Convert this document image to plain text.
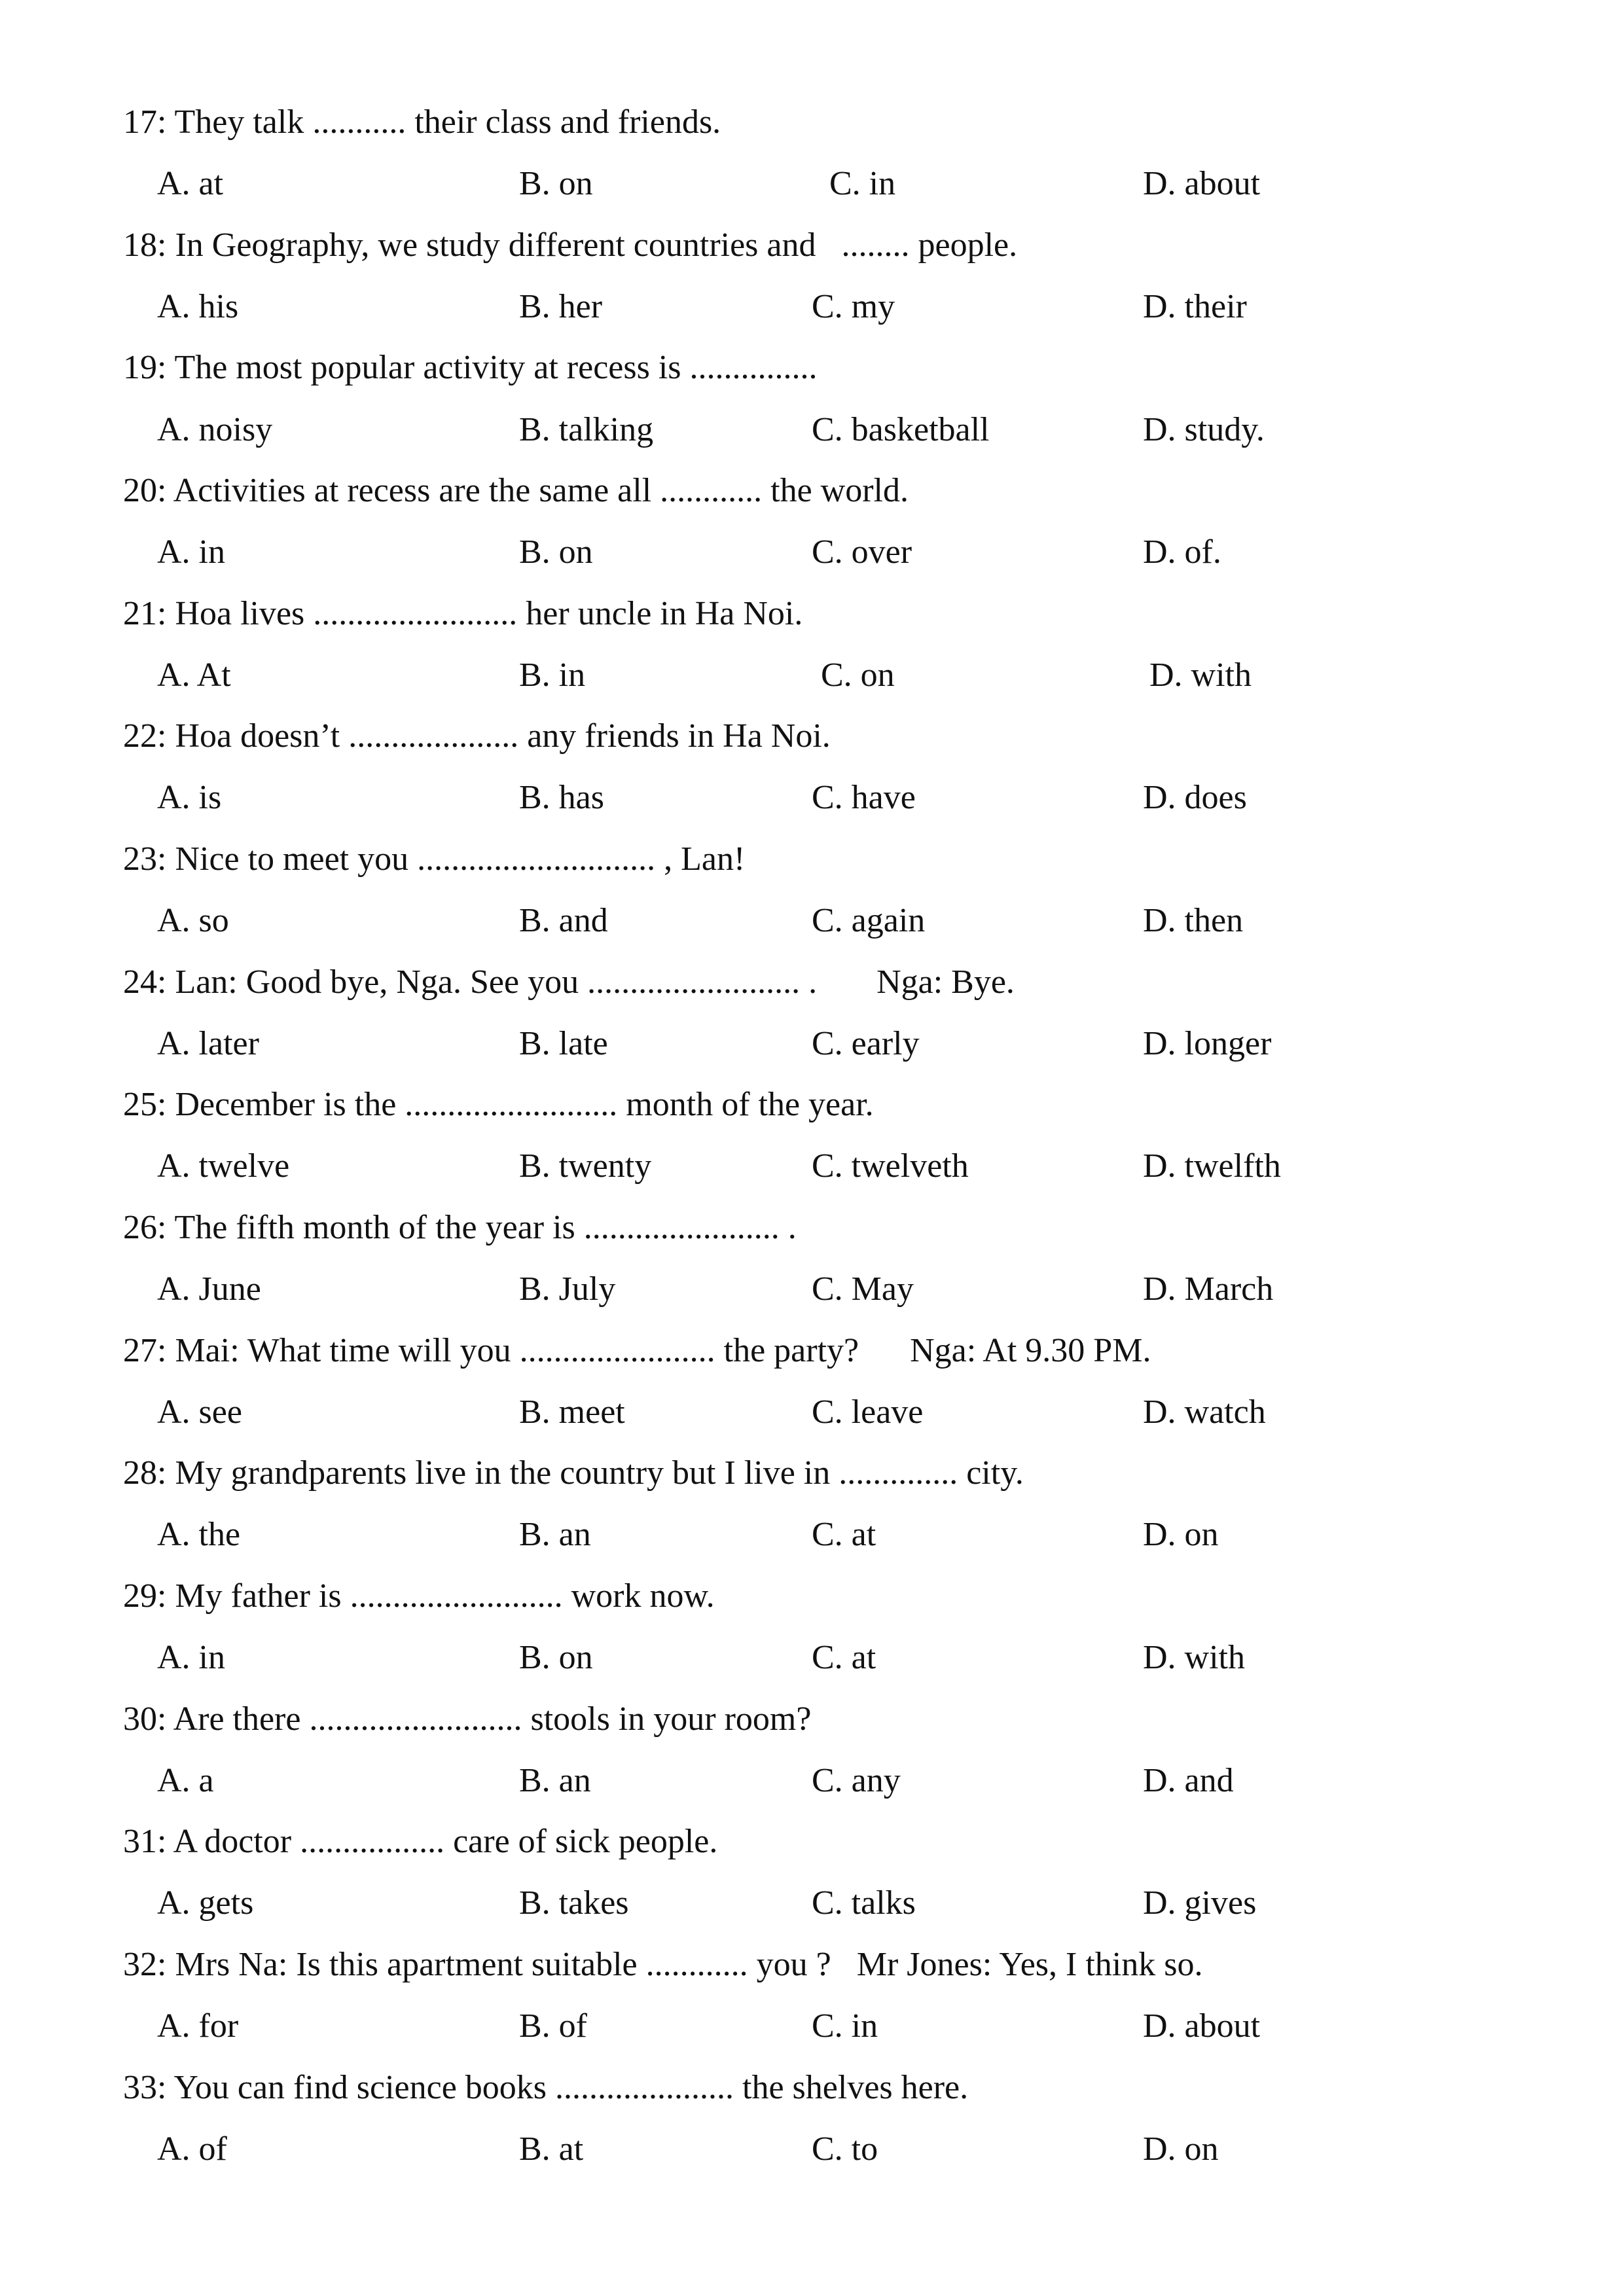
17: They talk ........... their class and friends.
A. at	B. on	C. in	D. about
18: In Geography, we study different countries and   ........ people.
A. his	B. her	C. my	D. their
19: The most popular activity at recess is ...............
A. noisy	B. talking	C. basketball	D. study.
20: Activities at recess are the same all ............ the world.
A. in	B. on	C. over	D. of.
21: Hoa lives ........................ her uncle in Ha Noi.
A. At	B. in	C. on	D. with
22: Hoa doesn’t .................... any friends in Ha Noi.
A. is	B. has	C. have	D. does
23: Nice to meet you ............................ , Lan!
A. so	B. and	C. again	D. then
24: Lan: Good bye, Nga. See you ......................... .       Nga: Bye.
A. later	B. late	C. early	D. longer
25: December is the ......................... month of the year.
A. twelve	B. twenty	C. twelveth	D. twelfth
26: The fifth month of the year is ....................... .
A. June	B. July	C. May	D. March
27: Mai: What time will you ....................... the party?      Nga: At 9.30 PM.
A. see	B. meet	C. leave	D. watch
28: My grandparents live in the country but I live in .............. city.
A. the	B. an	C. at	D. on
29: My father is ......................... work now.
A. in	B. on	C. at	D. with
30: Are there ......................... stools in your room?
A. a	B. an	C. any	D. and
31: A doctor ................. care of sick people.
A. gets	B. takes	C. talks	D. gives
32: Mrs Na: Is this apartment suitable ............ you ?   Mr Jones: Yes, I think so.
A. for	B. of	C. in	D. about
33: You can find science books ..................... the shelves here.
A. of	B. at	C. to	D. on
